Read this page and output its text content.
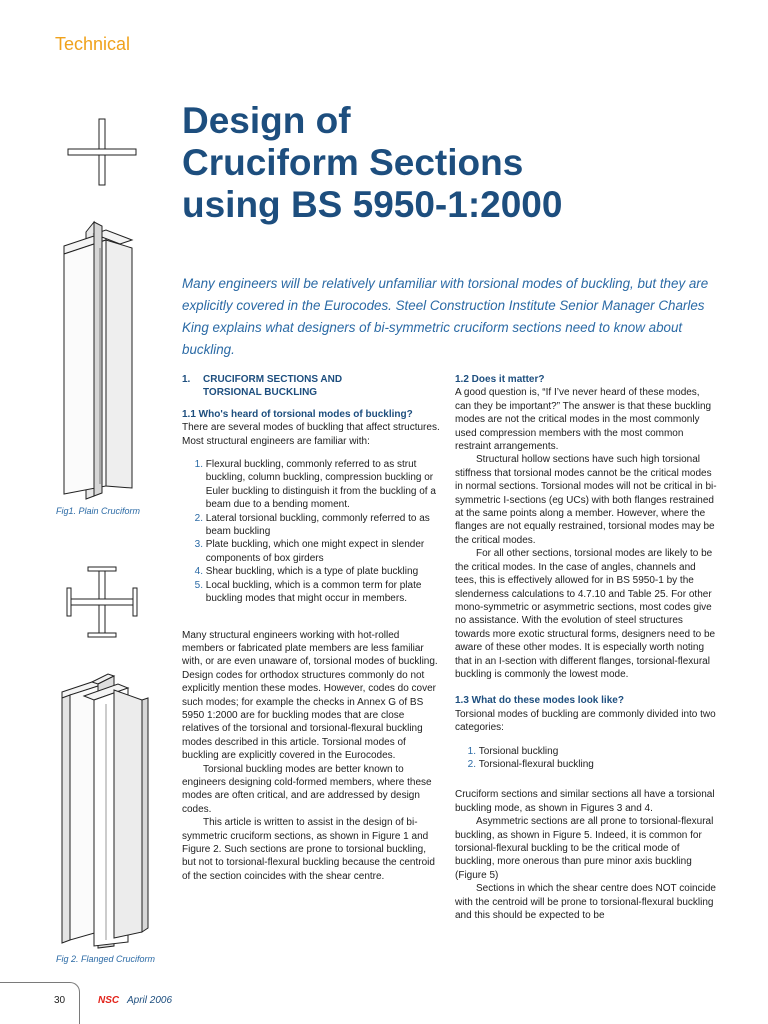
Technical
Design of
Cruciform Sections
using BS 5950-1:2000

Many engineers will be relatively unfamiliar with torsional modes of buckling, but they are explicitly covered in the Eurocodes. Steel Construction Institute Senior Manager Charles King explains what designers of bi-symmetric cruciform sections need to know about buckling.

Fig1. Plain Cruciform
Fig 2. Flanged Cruciform
1.	CRUCIFORM SECTIONS AND
TORSIONAL BUCKLING

1.1 Who's heard of torsional modes of buckling?

There are several modes of buckling that affect structures. Most structural engineers are familiar with:

1.
Flexural buckling, commonly referred to as strut buckling, column buckling, compression buckling or Euler buckling to distinguish it from the buckling of a beam due to a bending moment.
2.
Lateral torsional buckling, commonly referred to as beam buckling
3.
Plate buckling, which one might expect in slender components of box girders
4.
Shear buckling, which is a type of plate buckling
5.
Local buckling, which is a common term for plate buckling modes that might occur in members.

Many structural engineers working with hot-rolled members or fabricated plate members are less familiar with, or are even unaware of, torsional modes of buckling. Design codes for orthodox structures commonly do not explicitly mention these modes. However, codes do cover such modes; for example the checks in Annex G of BS 5950 1:2000 are for buckling modes that are close relatives of the torsional and torsional-flexural buckling modes described in this article. Torsional modes of buckling are explicitly covered in the Eurocodes.

Torsional buckling modes are better known to engineers designing cold-formed members, where these modes are often critical, and are addressed by design codes.

This article is written to assist in the design of bi-symmetric cruciform sections, as shown in Figure 1 and Figure 2. Such sections are prone to torsional buckling, but not to torsional-flexural buckling because the centroid of the section coincides with the shear centre.

1.2 Does it matter?

A good question is, “If I’ve never heard of these modes, can they be important?” The answer is that these buckling modes are not the critical modes in the most commonly used compression members with the most common restraint arrangements.

Structural hollow sections have such high torsional stiffness that torsional modes cannot be the critical modes in normal sections. Torsional modes will not be critical in bi-symmetric I-sections (eg UCs) with both flanges restrained at the same points along a member. However, where the flanges are not equally restrained, torsional modes may be the critical modes.

For all other sections, torsional modes are likely to be the critical modes. In the case of angles, channels and tees, this is effectively allowed for in BS 5950-1 by the slenderness calculations to 4.7.10 and Table 25. For other mono-symmetric or asymmetric sections, most codes give no assistance. With the evolution of steel structures towards more exotic structural forms, designers need to be aware of these other modes. It is especially worth noting that in an I-section with different flanges, torsional-flexural buckling is commonly the lowest mode.

1.3 What do these modes look like?

Torsional modes of buckling are commonly divided into two categories:

1.
Torsional buckling
2.
Torsional-flexural buckling

Cruciform sections and similar sections all have a torsional buckling mode, as shown in Figures 3 and 4.

Asymmetric sections are all prone to torsional-flexural buckling, as shown in Figure 5. Indeed, it is common for torsional-flexural buckling to be the critical mode of buckling, more onerous than pure minor axis buckling (Figure 5)

Sections in which the shear centre does NOT coincide with the centroid will be prone to torsional-flexural buckling and this should be expected to be

30	NSC April 2006
